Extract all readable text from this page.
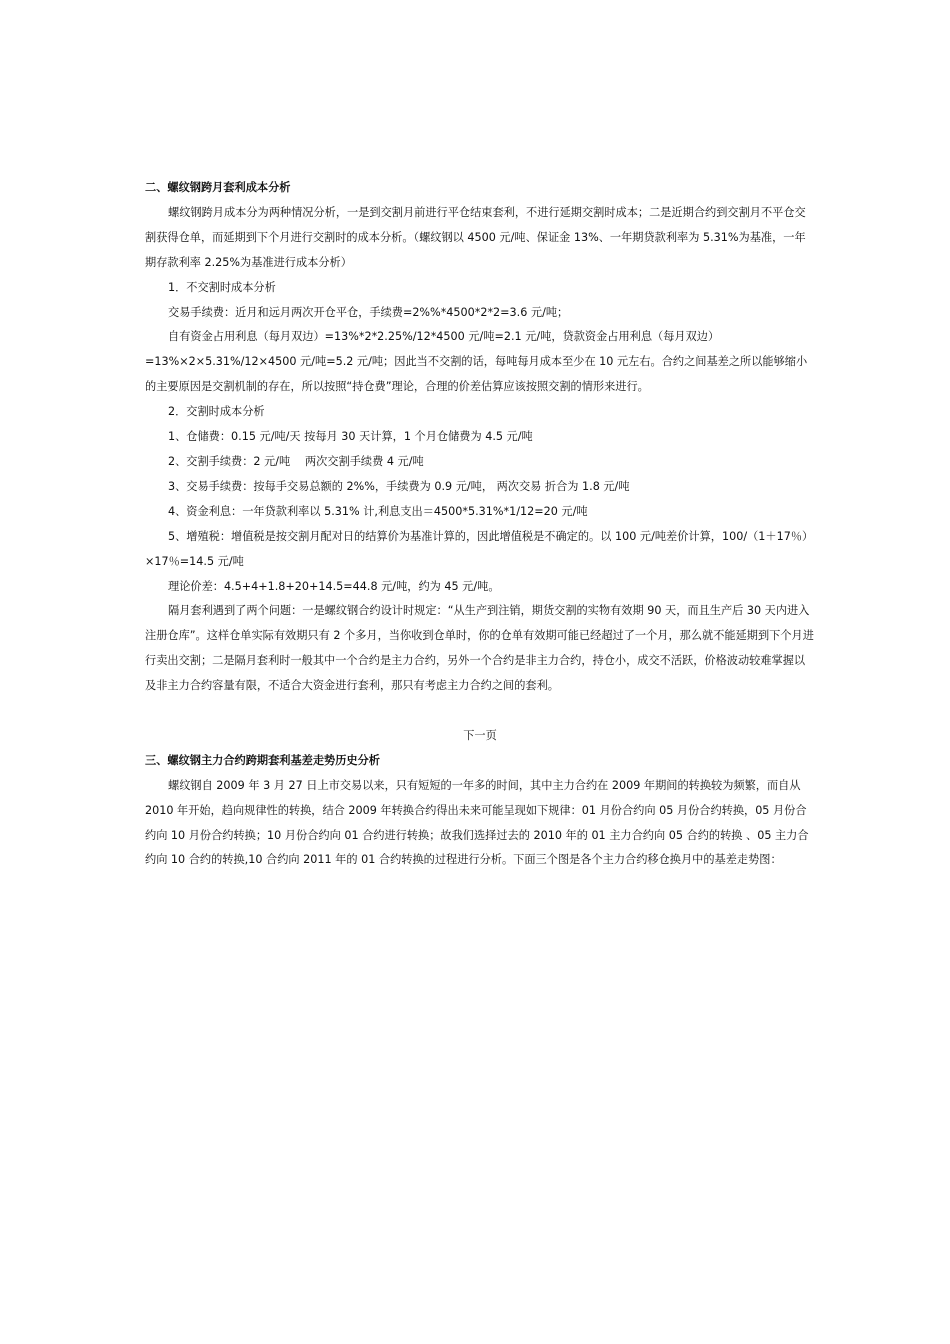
二、螺纹钢跨月套利成本分析

螺纹钢跨月成本分为两种情况分析，一是到交割月前进行平仓结束套利，不进行延期交割时成本；二是近期合约到交割月不平仓交割获得仓单，而延期到下个月进行交割时的成本分析。（螺纹钢以 4500 元/吨、保证金 13%、一年期贷款利率为 5.31%为基准，一年期存款利率 2.25%为基准进行成本分析）

1．不交割时成本分析

交易手续费：近月和远月两次开仓平仓，手续费=2%%*4500*2*2=3.6 元/吨；

自有资金占用利息（每月双边）=13%*2*2.25%/12*4500 元/吨=2.1 元/吨，贷款资金占用利息（每月双边）=13%×2×5.31%/12×4500 元/吨=5.2 元/吨；因此当不交割的话，每吨每月成本至少在 10 元左右。合约之间基差之所以能够缩小的主要原因是交割机制的存在，所以按照“持仓费”理论，合理的价差估算应该按照交割的情形来进行。

2．交割时成本分析

1、仓储费：0.15 元/吨/天 按每月 30 天计算，1 个月仓储费为 4.5 元/吨

2、交割手续费：2 元/吨　 两次交割手续费 4 元/吨

3、交易手续费：按每手交易总额的 2%%，手续费为 0.9 元/吨， 两次交易 折合为 1.8 元/吨

4、资金利息：一年贷款利率以 5.31% 计,利息支出＝4500*5.31%*1/12=20 元/吨

5、增殖税：增值税是按交割月配对日的结算价为基准计算的，因此增值税是不确定的。以 100 元/吨差价计算，100/（1＋17％）×17％=14.5 元/吨

理论价差：4.5+4+1.8+20+14.5=44.8 元/吨，约为 45 元/吨。

隔月套利遇到了两个问题：一是螺纹钢合约设计时规定：“从生产到注销，期货交割的实物有效期 90 天，而且生产后 30 天内进入注册仓库”。这样仓单实际有效期只有 2 个多月，当你收到仓单时，你的仓单有效期可能已经超过了一个月，那么就不能延期到下个月进行卖出交割；二是隔月套利时一般其中一个合约是主力合约，另外一个合约是非主力合约，持仓小，成交不活跃，价格波动较难掌握以及非主力合约容量有限，不适合大资金进行套利，那只有考虑主力合约之间的套利。

下一页

三、螺纹钢主力合约跨期套利基差走势历史分析

螺纹钢自 2009 年 3 月 27 日上市交易以来，只有短短的一年多的时间，其中主力合约在 2009 年期间的转换较为频繁，而自从 2010 年开始，趋向规律性的转换，结合 2009 年转换合约得出未来可能呈现如下规律：01 月份合约向 05 月份合约转换，05 月份合约向 10 月份合约转换；10 月份合约向 01 合约进行转换；故我们选择过去的 2010 年的 01 主力合约向 05 合约的转换 、05 主力合约向 10 合约的转换,10 合约向 2011 年的 01 合约转换的过程进行分析。下面三个图是各个主力合约移仓换月中的基差走势图：
